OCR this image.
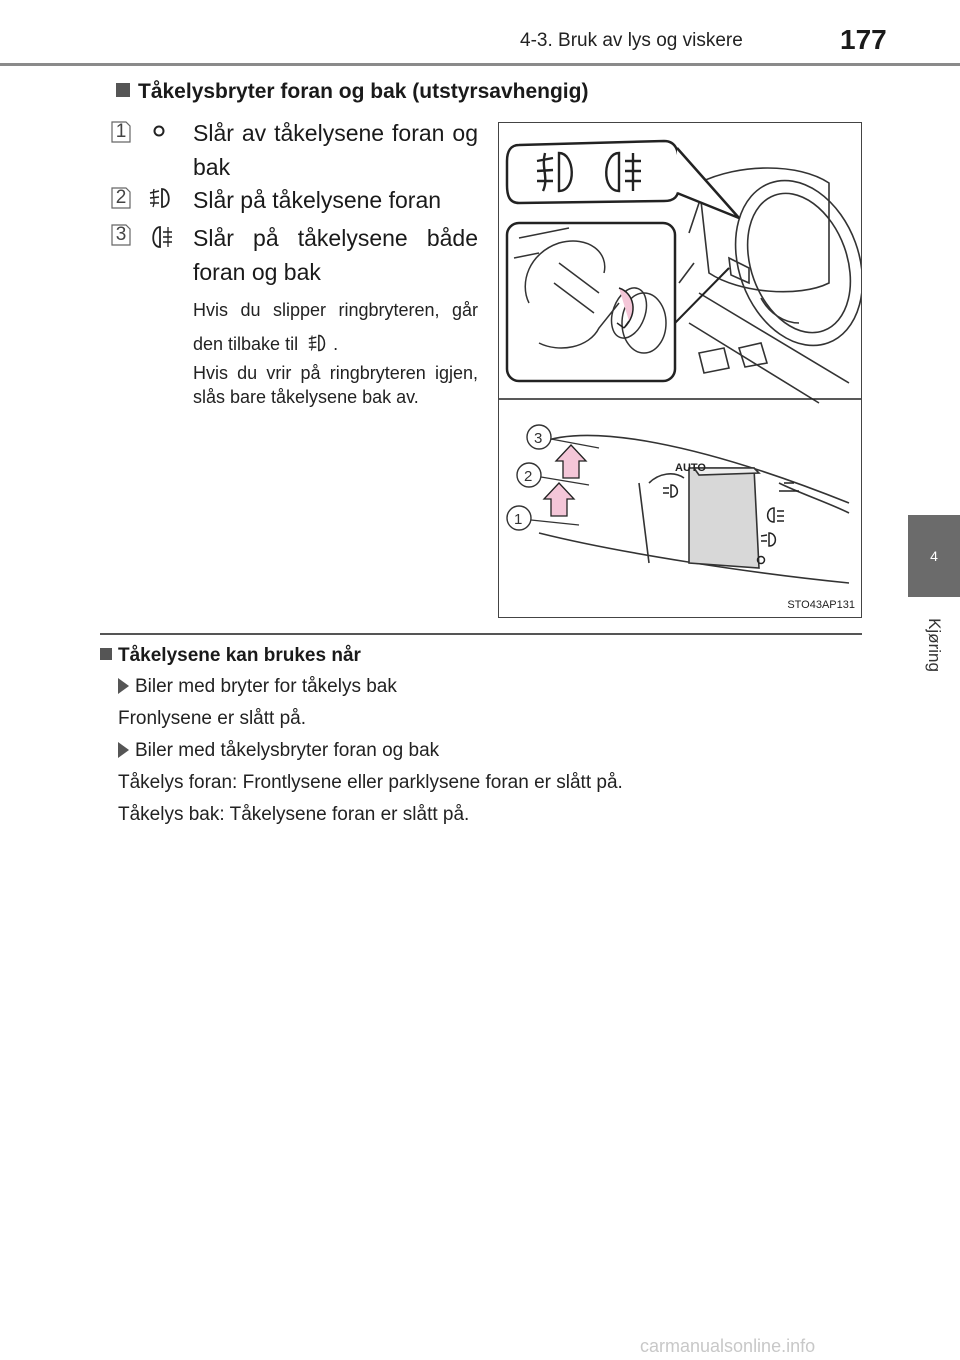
4-3. Bruk av lys og viskere	177
4
Kjøring
Tåkelysbryter foran og bak (utstyrsavhengig)
1	Slår av tåkelysene foran og bak
2	Slår på tåkelysene foran
3	Slår på tåkelysene både foran og bak
Hvis du slipper ringbryteren, går den tilbake til .
Hvis du vrir på ringbryteren igjen, slås bare tåkelysene bak av.
AUTO
3
2
1
STO43AP131
Tåkelysene kan brukes når
Biler med bryter for tåkelys bak
Fronlysene er slått på.
Biler med tåkelysbryter foran og bak
Tåkelys foran: Frontlysene eller parklysene foran er slått på.
Tåkelys bak: Tåkelysene foran er slått på.
carmanualsonline.info
